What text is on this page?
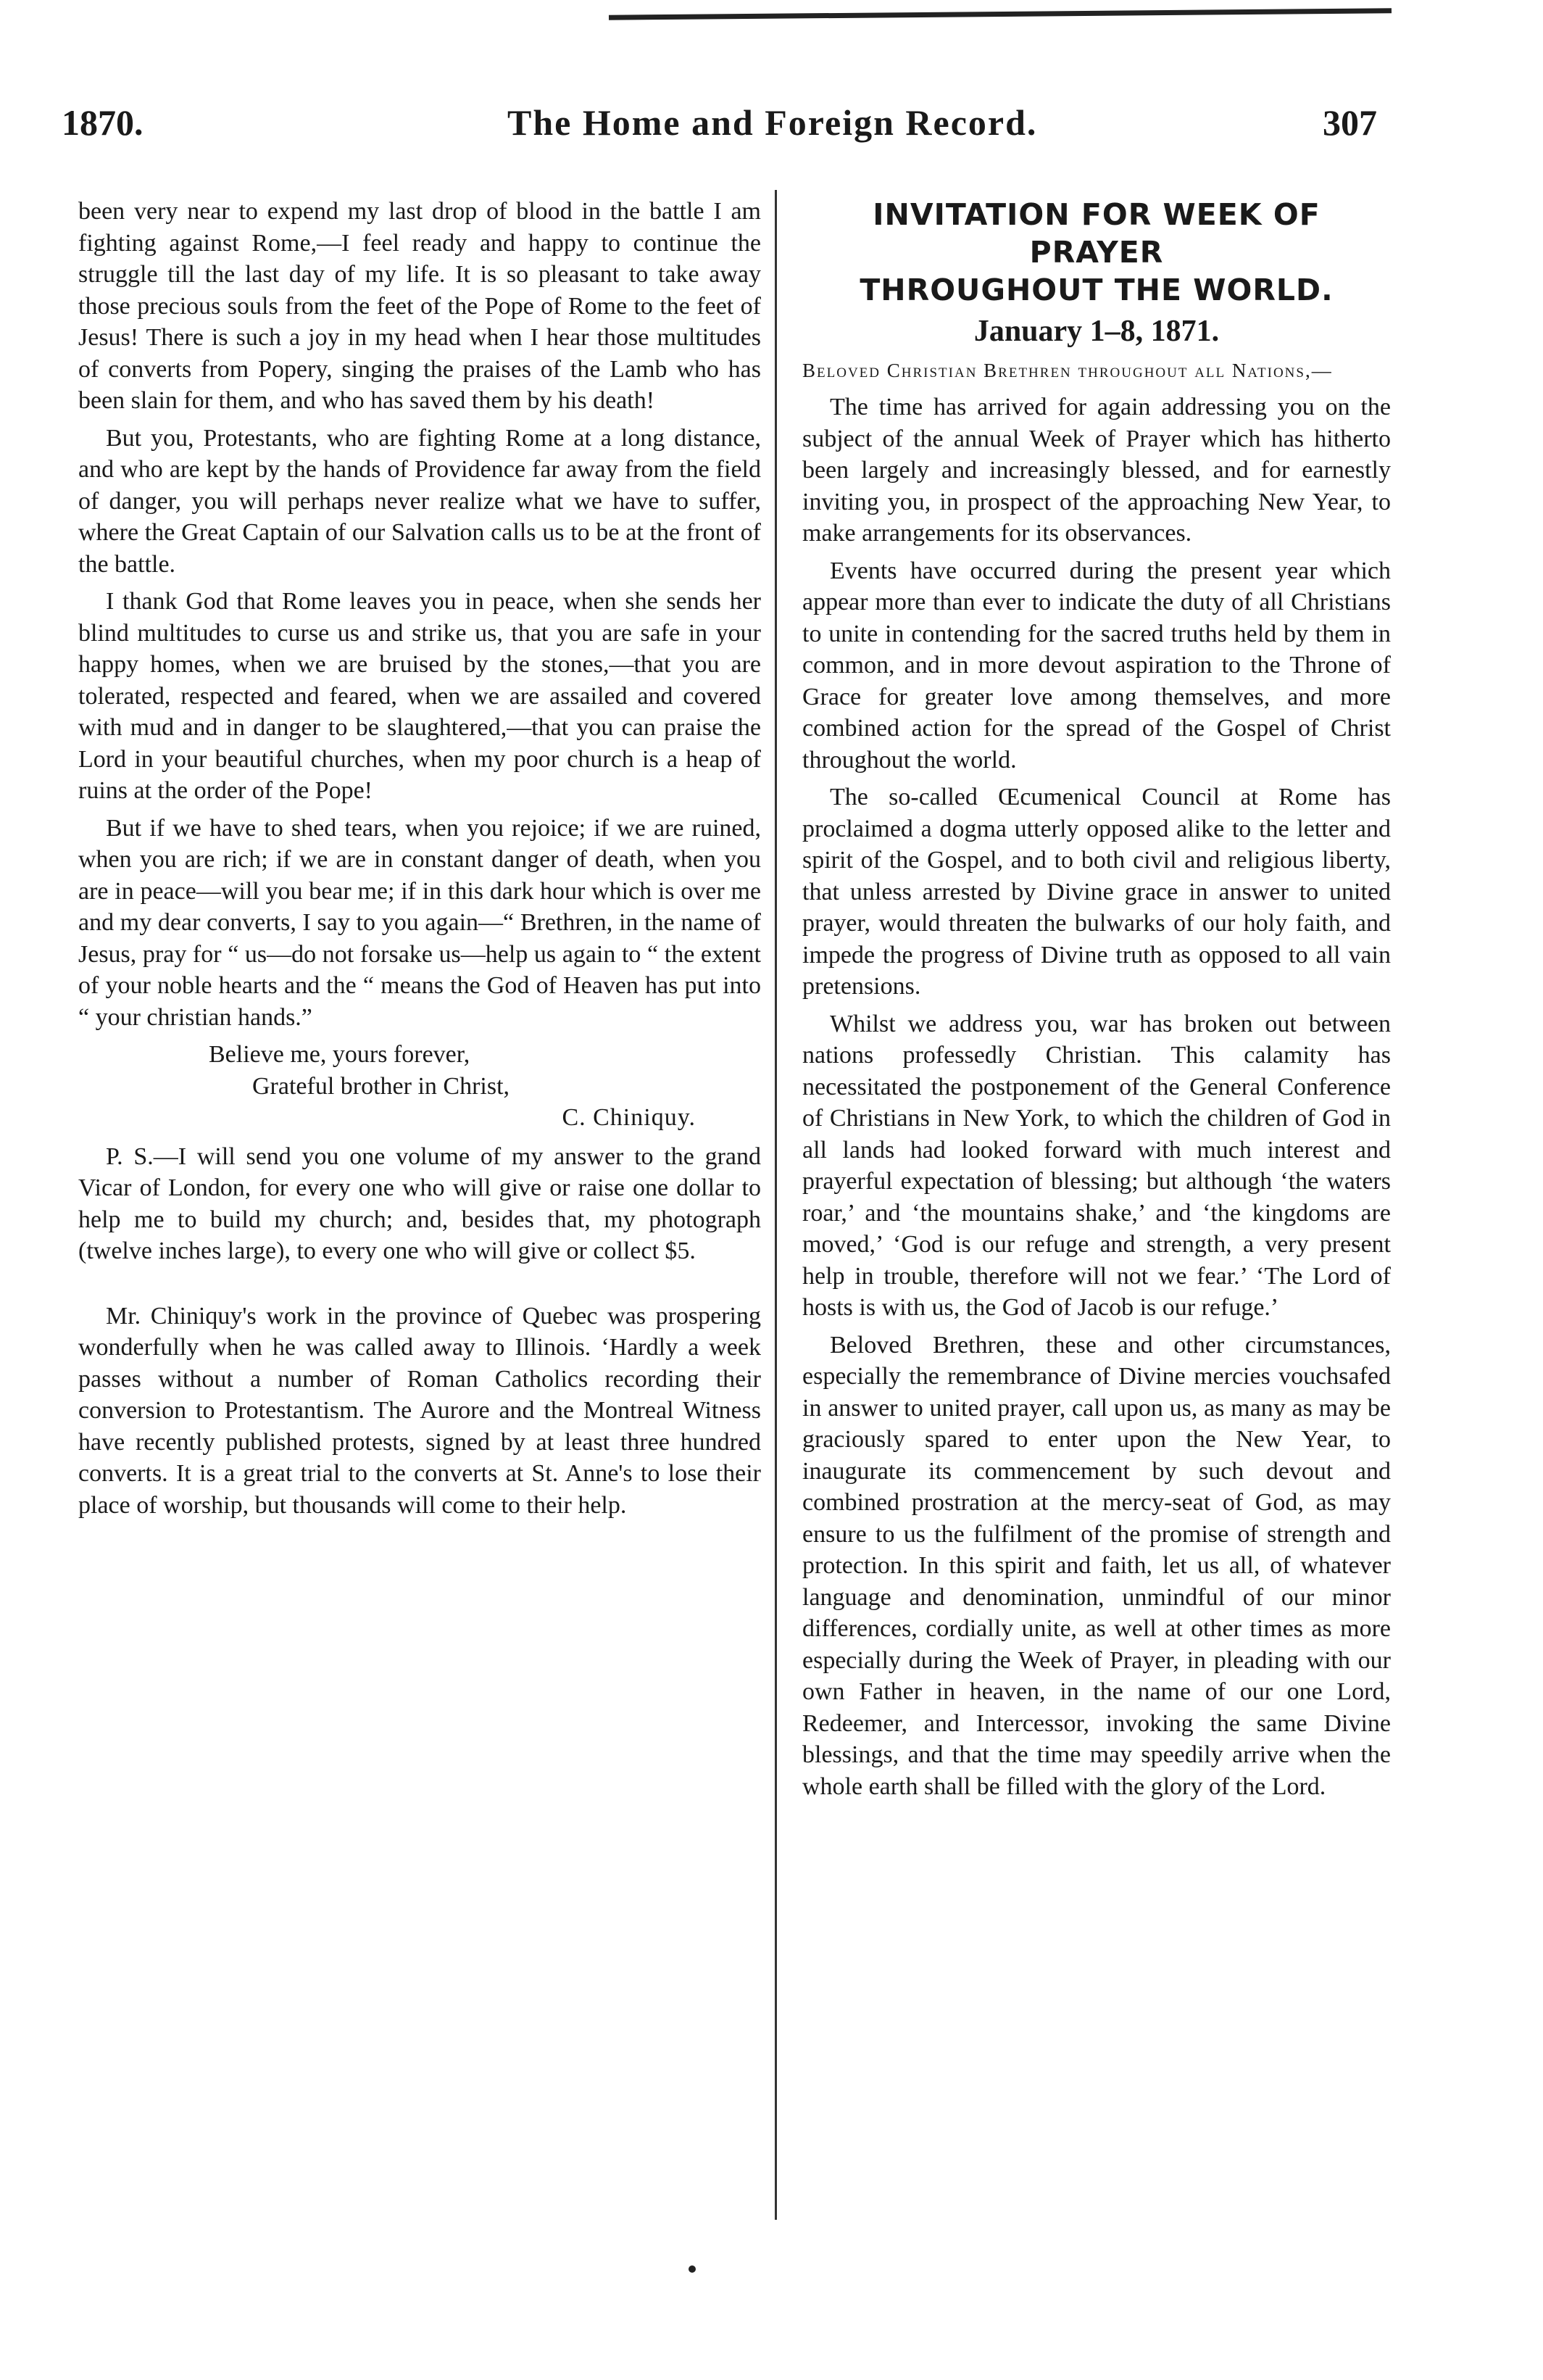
1870.	The Home and Foreign Record.	307

been very near to expend my last drop of blood in the battle I am fighting against Rome,—I feel ready and happy to continue the struggle till the last day of my life. It is so pleasant to take away those precious souls from the feet of the Pope of Rome to the feet of Jesus! There is such a joy in my head when I hear those multitudes of converts from Popery, singing the praises of the Lamb who has been slain for them, and who has saved them by his death!

But you, Protestants, who are fighting Rome at a long distance, and who are kept by the hands of Providence far away from the field of danger, you will perhaps never realize what we have to suffer, where the Great Captain of our Salvation calls us to be at the front of the battle.

I thank God that Rome leaves you in peace, when she sends her blind multitudes to curse us and strike us, that you are safe in your happy homes, when we are bruised by the stones,—that you are tolerated, respected and feared, when we are assailed and covered with mud and in danger to be slaughtered,—that you can praise the Lord in your beautiful churches, when my poor church is a heap of ruins at the order of the Pope!

But if we have to shed tears, when you rejoice; if we are ruined, when you are rich; if we are in constant danger of death, when you are in peace—will you bear me; if in this dark hour which is over me and my dear converts, I say to you again—“ Brethren, in the name of Jesus, pray for “ us—do not forsake us—help us again to “ the extent of your noble hearts and the “ means the God of Heaven has put into “ your christian hands.”

Believe me, yours forever,

Grateful brother in Christ,

C. Chiniquy.

P. S.—I will send you one volume of my answer to the grand Vicar of London, for every one who will give or raise one dollar to help me to build my church; and, besides that, my photograph (twelve inches large), to every one who will give or collect $5.

Mr. Chiniquy's work in the province of Quebec was prospering wonderfully when he was called away to Illinois. ‘Hardly a week passes without a number of Roman Catholics recording their conversion to Protestantism. The Aurore and the Montreal Witness have recently published protests, signed by at least three hundred converts. It is a great trial to the converts at St. Anne's to lose their place of worship, but thousands will come to their help.

INVITATION FOR WEEK OF PRAYER

THROUGHOUT THE WORLD.

January 1–8, 1871.

Beloved Christian Brethren throughout all Nations,—

The time has arrived for again addressing you on the subject of the annual Week of Prayer which has hitherto been largely and increasingly blessed, and for earnestly inviting you, in prospect of the approaching New Year, to make arrangements for its observances.

Events have occurred during the present year which appear more than ever to indicate the duty of all Christians to unite in contending for the sacred truths held by them in common, and in more devout aspiration to the Throne of Grace for greater love among themselves, and more combined action for the spread of the Gospel of Christ throughout the world.

The so-called Œcumenical Council at Rome has proclaimed a dogma utterly opposed alike to the letter and spirit of the Gospel, and to both civil and religious liberty, that unless arrested by Divine grace in answer to united prayer, would threaten the bulwarks of our holy faith, and impede the progress of Divine truth as opposed to all vain pretensions.

Whilst we address you, war has broken out between nations professedly Christian. This calamity has necessitated the postponement of the General Conference of Christians in New York, to which the children of God in all lands had looked forward with much interest and prayerful expectation of blessing; but although ‘the waters roar,’ and ‘the mountains shake,’ and ‘the kingdoms are moved,’ ‘God is our refuge and strength, a very present help in trouble, therefore will not we fear.’ ‘The Lord of hosts is with us, the God of Jacob is our refuge.’

Beloved Brethren, these and other circumstances, especially the remembrance of Divine mercies vouchsafed in answer to united prayer, call upon us, as many as may be graciously spared to enter upon the New Year, to inaugurate its commencement by such devout and combined prostration at the mercy-seat of God, as may ensure to us the fulfilment of the promise of strength and protection. In this spirit and faith, let us all, of whatever language and denomination, unmindful of our minor differences, cordially unite, as well at other times as more especially during the Week of Prayer, in pleading with our own Father in heaven, in the name of our one Lord, Redeemer, and Intercessor, invoking the same Divine blessings, and that the time may speedily arrive when the whole earth shall be filled with the glory of the Lord.
